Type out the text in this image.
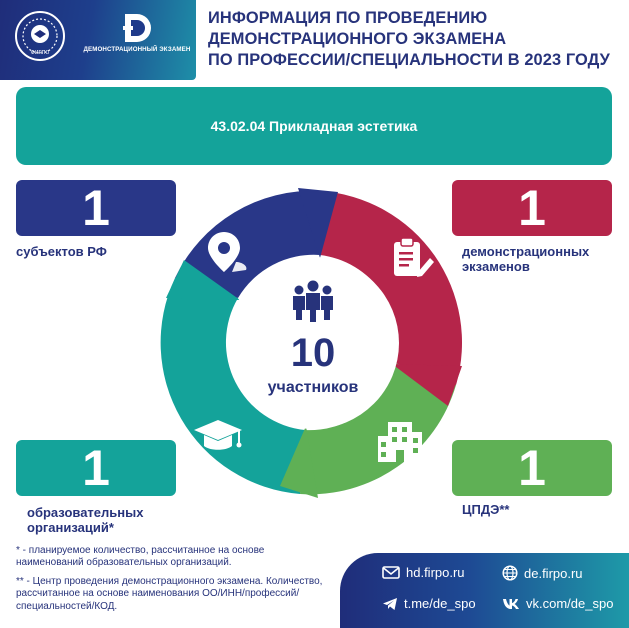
ФИРПО	ДЕМОНСТРАЦИОННЫЙ ЭКЗАМЕН
ИНФОРМАЦИЯ ПО ПРОВЕДЕНИЮ
ДЕМОНСТРАЦИОННОГО ЭКЗАМЕНА
ПО ПРОФЕССИИ/СПЕЦИАЛЬНОСТИ В 2023 ГОДУ
43.02.04
Прикладная эстетика
1
субъектов РФ
1
демонстрационных
экзаменов
1
образовательных
организаций*
1
ЦПДЭ**
10
участников

* - планируемое количество, рассчитанное на основе наименований образовательных организаций.

** - Центр проведения демонстрационного экзамена. Количество, рассчитанное на основе наименования ОО/ИНН/профессий/специальностей/КОД.

hd.firpo.ru	de.firpo.ru
t.me/de_spo	vk.com/de_spo
